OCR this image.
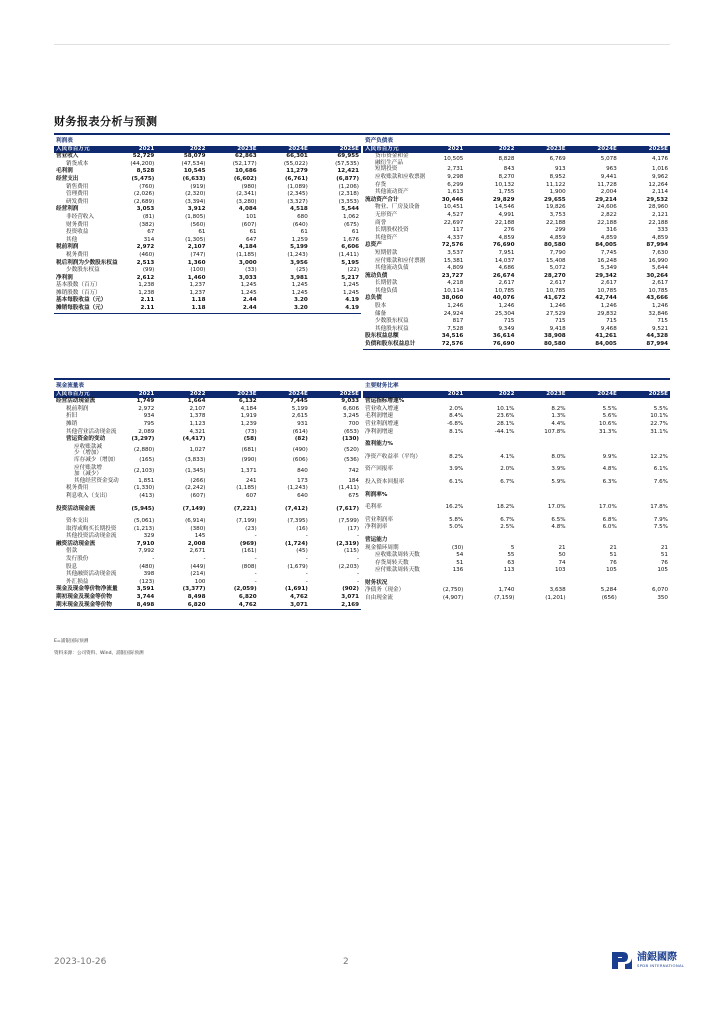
财务报表分析与预测
利润表					
人民币百万元	2021	2022	2023E	2024E	2025E
营业收入	52,729	58,079	62,863	66,301	69,955
销货成本	(44,200)	(47,534)	(52,177)	(55,022)	(57,535)
毛利润	8,528	10,545	10,686	11,279	12,421
经营支出	(5,475)	(6,633)	(6,602)	(6,761)	(6,877)
销售费用	(760)	(919)	(980)	(1,089)	(1,206)
管理费用	(2,026)	(2,320)	(2,341)	(2,345)	(2,318)
研发费用	(2,689)	(3,394)	(3,280)	(3,327)	(3,353)
经营利润	3,053	3,912	4,084	4,518	5,544
非经营收入	(81)	(1,805)	101	680	1,062
财务费用	(382)	(560)	(607)	(640)	(675)
投资收益	67	61	61	61	61
其他	314	(1,305)	647	1,259	1,676
税前利润	2,972	2,107	4,184	5,199	6,606
税务费用	(460)	(747)	(1,185)	(1,243)	(1,411)
税后利润为少数股东权益	2,513	1,360	3,000	3,956	5,195
少数股东权益	(99)	(100)	(33)	(25)	(22)
净利润	2,612	1,460	3,033	3,981	5,217
基本股数（百万）	1,238	1,237	1,245	1,245	1,245
摊销股数（百万）	1,238	1,237	1,245	1,245	1,245
基本每股收益（元）	2.11	1.18	2.44	3.20	4.19
摊销每股收益（元）	2.11	1.18	2.44	3.20	4.19
资产负债表					
人民币百万元	2021	2022	2023E	2024E	2025E
货币资金和金融衍生产品	10,505	8,828	6,769	5,078	4,176
短期投资	2,731	843	913	963	1,016
应收账款和应收票据	9,298	8,270	8,952	9,441	9,962
存货	6,299	10,132	11,122	11,728	12,264
其他流动资产	1,613	1,755	1,900	2,004	2,114
流动资产合计	30,446	29,829	29,655	29,214	29,532
物业、厂房及设备	10,451	14,546	19,826	24,606	28,960
无形资产	4,527	4,991	3,753	2,822	2,121
商誉	22,697	22,188	22,188	22,188	22,188
长期股权投资	117	276	299	316	333
其他资产	4,337	4,859	4,859	4,859	4,859
总资产	72,576	76,690	80,580	84,005	87,994
短期借款	3,537	7,951	7,790	7,745	7,630
应付账款和应付票据	15,381	14,037	15,408	16,248	16,990
其他流动负债	4,809	4,686	5,072	5,349	5,644
流动负债	23,727	26,674	28,270	29,342	30,264
长期借款	4,218	2,617	2,617	2,617	2,617
其他负债	10,114	10,785	10,785	10,785	10,785
总负债	38,060	40,076	41,672	42,744	43,666
股本	1,246	1,246	1,246	1,246	1,246
储备	24,924	25,304	27,529	29,832	32,846
少数股东权益	817	715	715	715	715
其他股东权益	7,528	9,349	9,418	9,468	9,521
股东权益总额	34,516	36,614	38,908	41,261	44,328
负债和股东权益总计	72,576	76,690	80,580	84,005	87,994
现金流量表					
人民币百万元	2021	2022	2023E	2024E	2025E
经营活动现金流	1,749	1,664	6,132	7,445	9,033
税前利润	2,972	2,107	4,184	5,199	6,606
折旧	934	1,378	1,919	2,615	3,245
摊销	795	1,123	1,239	931	700
其他营业活动现金流	2,089	4,321	(73)	(614)	(653)
营运资金的变动	(3,297)	(4,417)	(58)	(82)	(130)
应收账款减少（增加）	(2,880)	1,027	(681)	(490)	(520)
库存减少（增加）	(165)	(3,833)	(990)	(606)	(536)
应付账款增加（减少）	(2,103)	(1,345)	1,371	840	742
其他经营资金变动	1,851	(266)	241	173	184
税务费用	(1,330)	(2,242)	(1,185)	(1,243)	(1,411)
利息收入（支出）	(413)	(607)	607	640	675

投资活动现金流	(5,945)	(7,149)	(7,221)	(7,412)	(7,617)

资本支出	(5,061)	(6,914)	(7,199)	(7,395)	(7,599)
取得或购买长期投资	(1,213)	(380)	(23)	(16)	(17)
其他投资活动现金流	329	145	-	-	-
融资活动现金流	7,910	2,008	(969)	(1,724)	(2,319)
借款	7,992	2,671	(161)	(45)	(115)
发行股份	-	-	-	-	-
股息	(480)	(449)	(808)	(1,679)	(2,203)
其他融资活动现金流	398	(214)	-	-	-
外汇损益	(123)	100	-	-	-
现金及现金等价物净流量	3,591	(3,377)	(2,059)	(1,691)	(902)
期初现金及现金等价物	3,744	8,498	6,820	4,762	3,071
期末现金及现金等价物	8,498	6,820	4,762	3,071	2,169
主要财务比率					
	2021	2022	2023E	2024E	2025E
营运指标增速%					
营业收入增速	2.0%	10.1%	8.2%	5.5%	5.5%
毛利润增速	8.4%	23.6%	1.3%	5.6%	10.1%
营业利润增速	-6.8%	28.1%	4.4%	10.6%	22.7%
净利润增速	8.1%	-44.1%	107.8%	31.3%	31.1%

盈利能力%					

净资产收益率（平均）	8.2%	4.1%	8.0%	9.9%	12.2%

资产回报率	3.9%	2.0%	3.9%	4.8%	6.1%

投入资本回报率	6.1%	6.7%	5.9%	6.3%	7.6%

利润率%					

毛利率	16.2%	18.2%	17.0%	17.0%	17.8%

营业利润率	5.8%	6.7%	6.5%	6.8%	7.9%
净利润率	5.0%	2.5%	4.8%	6.0%	7.5%

营运能力					
现金循环周期	(30)	5	21	21	21
应收账款周转天数	54	55	50	51	51
存货周转天数	51	63	74	76	76
应付账款周转天数	136	113	103	105	105

财务状况					
净债务（现金）	(2,750)	1,740	3,638	5,284	6,070
自由现金流	(4,907)	(7,159)	(1,201)	(656)	350
E=浦银国际预测
资料来源：公司资料、Wind、浦银国际预测
2023-10-26	2	浦銀國際
SPDB INTERNATIONAL
